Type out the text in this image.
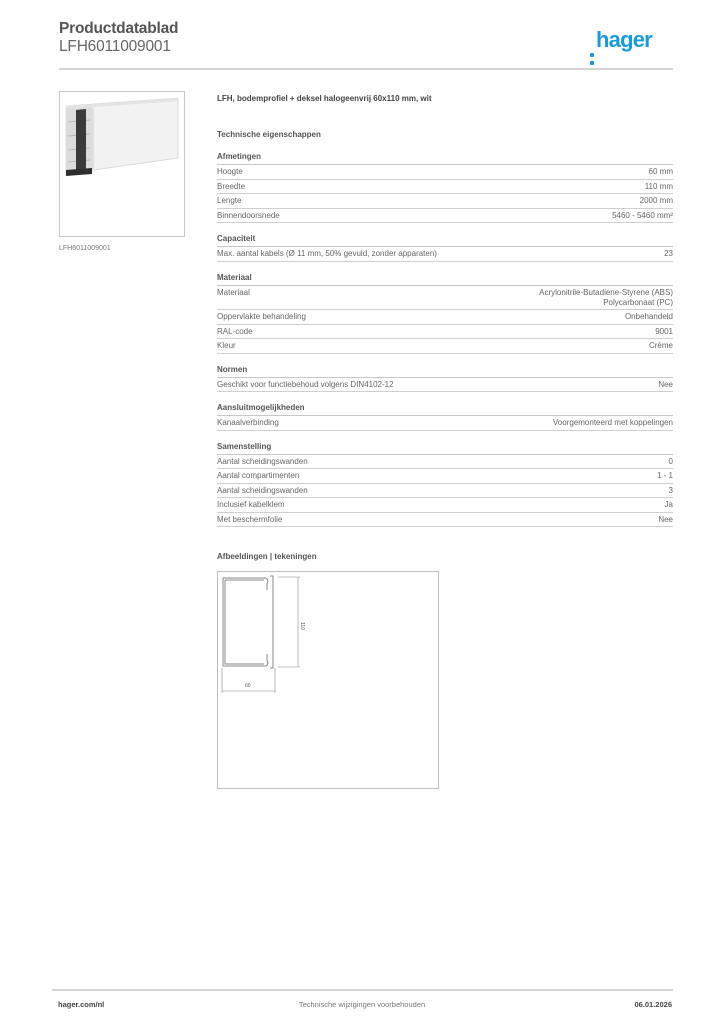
Productdatablad
LFH6011009001	hager
LFH6011009001
LFH, bodemprofiel + deksel halogeenvrij 60x110 mm, wit
Technische eigenschappen
Afmetingen
Hoogte	60 mm
Breedte	110 mm
Lengte	2000 mm
Binnendoorsnede	5460 - 5460 mm²
Capaciteit
Max. aantal kabels (Ø 11 mm, 50% gevuld, zonder apparaten)	23
Materiaal
Materiaal	Acrylonitrile-Butadiene-Styrene (ABS)
Polycarbonaat (PC)
Oppervlakte behandeling	Onbehandeld
RAL-code	9001
Kleur	Crème
Normen
Geschikt voor functiebehoud volgens DIN4102-12	Nee
Aansluitmogelijkheden
Kanaalverbinding	Voorgemonteerd met koppelingen
Samenstelling
Aantal scheidingswanden	0
Aantal compartimenten	1 - 1
Aantal scheidingswanden	3
Inclusief kabelklem	Ja
Met beschermfolie	Nee
Afbeeldingen | tekeningen
110
60
hager.com/nl	Technische wijzigingen voorbehouden	06.01.2026
